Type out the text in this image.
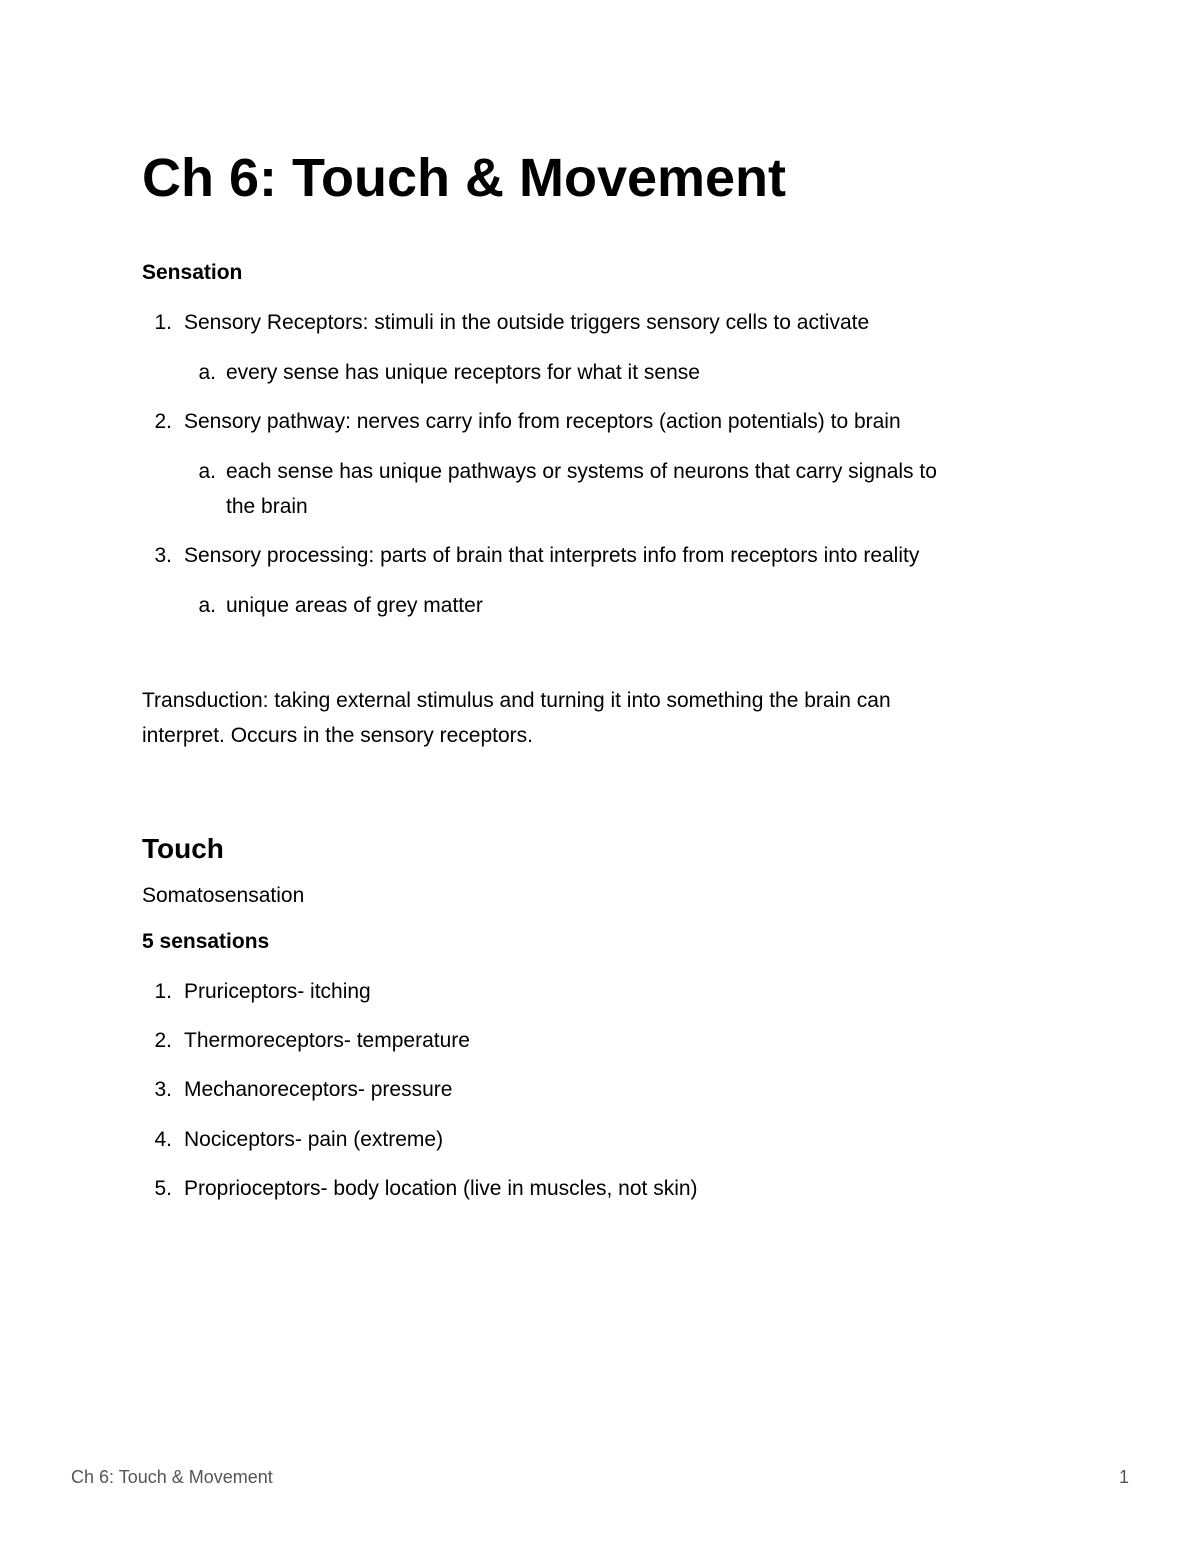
Ch 6: Touch & Movement
Sensation
1. Sensory Receptors: stimuli in the outside triggers sensory cells to activate
a. every sense has unique receptors for what it sense
2. Sensory pathway: nerves carry info from receptors (action potentials) to brain
a. each sense has unique pathways or systems of neurons that carry signals to
the brain
3. Sensory processing: parts of brain that interprets info from receptors into reality
a. unique areas of grey matter
Transduction: taking external stimulus and turning it into something the brain can
interpret. Occurs in the sensory receptors.
Touch
Somatosensation
5 sensations
1. Pruriceptors- itching
2. Thermoreceptors- temperature
3. Mechanoreceptors- pressure
4. Nociceptors- pain (extreme)
5. Proprioceptors- body location (live in muscles, not skin)
Ch 6: Touch & Movement	1
